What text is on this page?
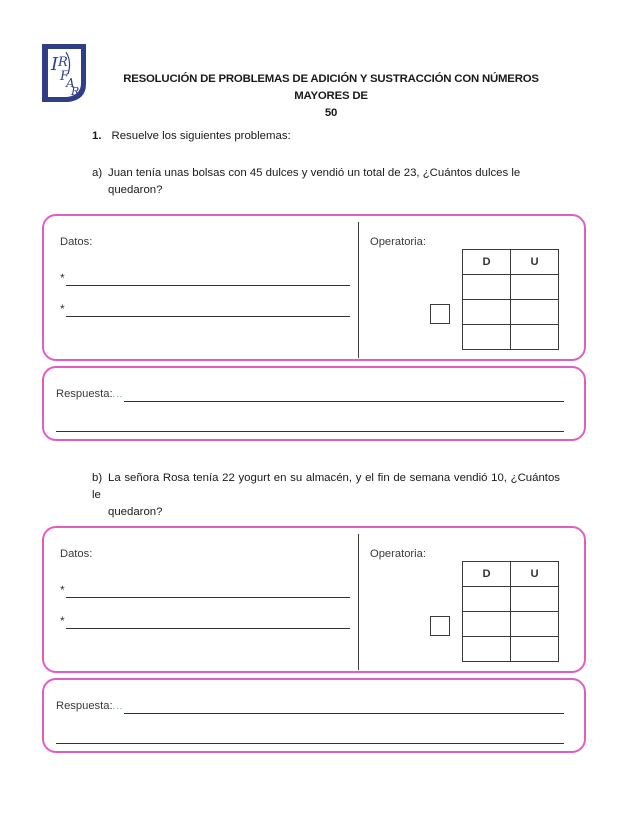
I R
F
A
R
RESOLUCIÓN DE PROBLEMAS DE ADICIÓN Y SUSTRACCIÓN CON NÚMEROS MAYORES DE
50
1. Resuelve los siguientes problemas:
a) Juan tenía unas bolsas con 45 dulces y vendió un total de 23, ¿Cuántos dulces le
quedaron?
Datos:
*
*
Operatoria:
D	U

Respuesta:...
b) La señora Rosa tenía 22 yogurt en su almacén, y el fin de semana vendió 10, ¿Cuántos le
quedaron?
Datos:
*
*
Operatoria:
D	U

Respuesta:...
